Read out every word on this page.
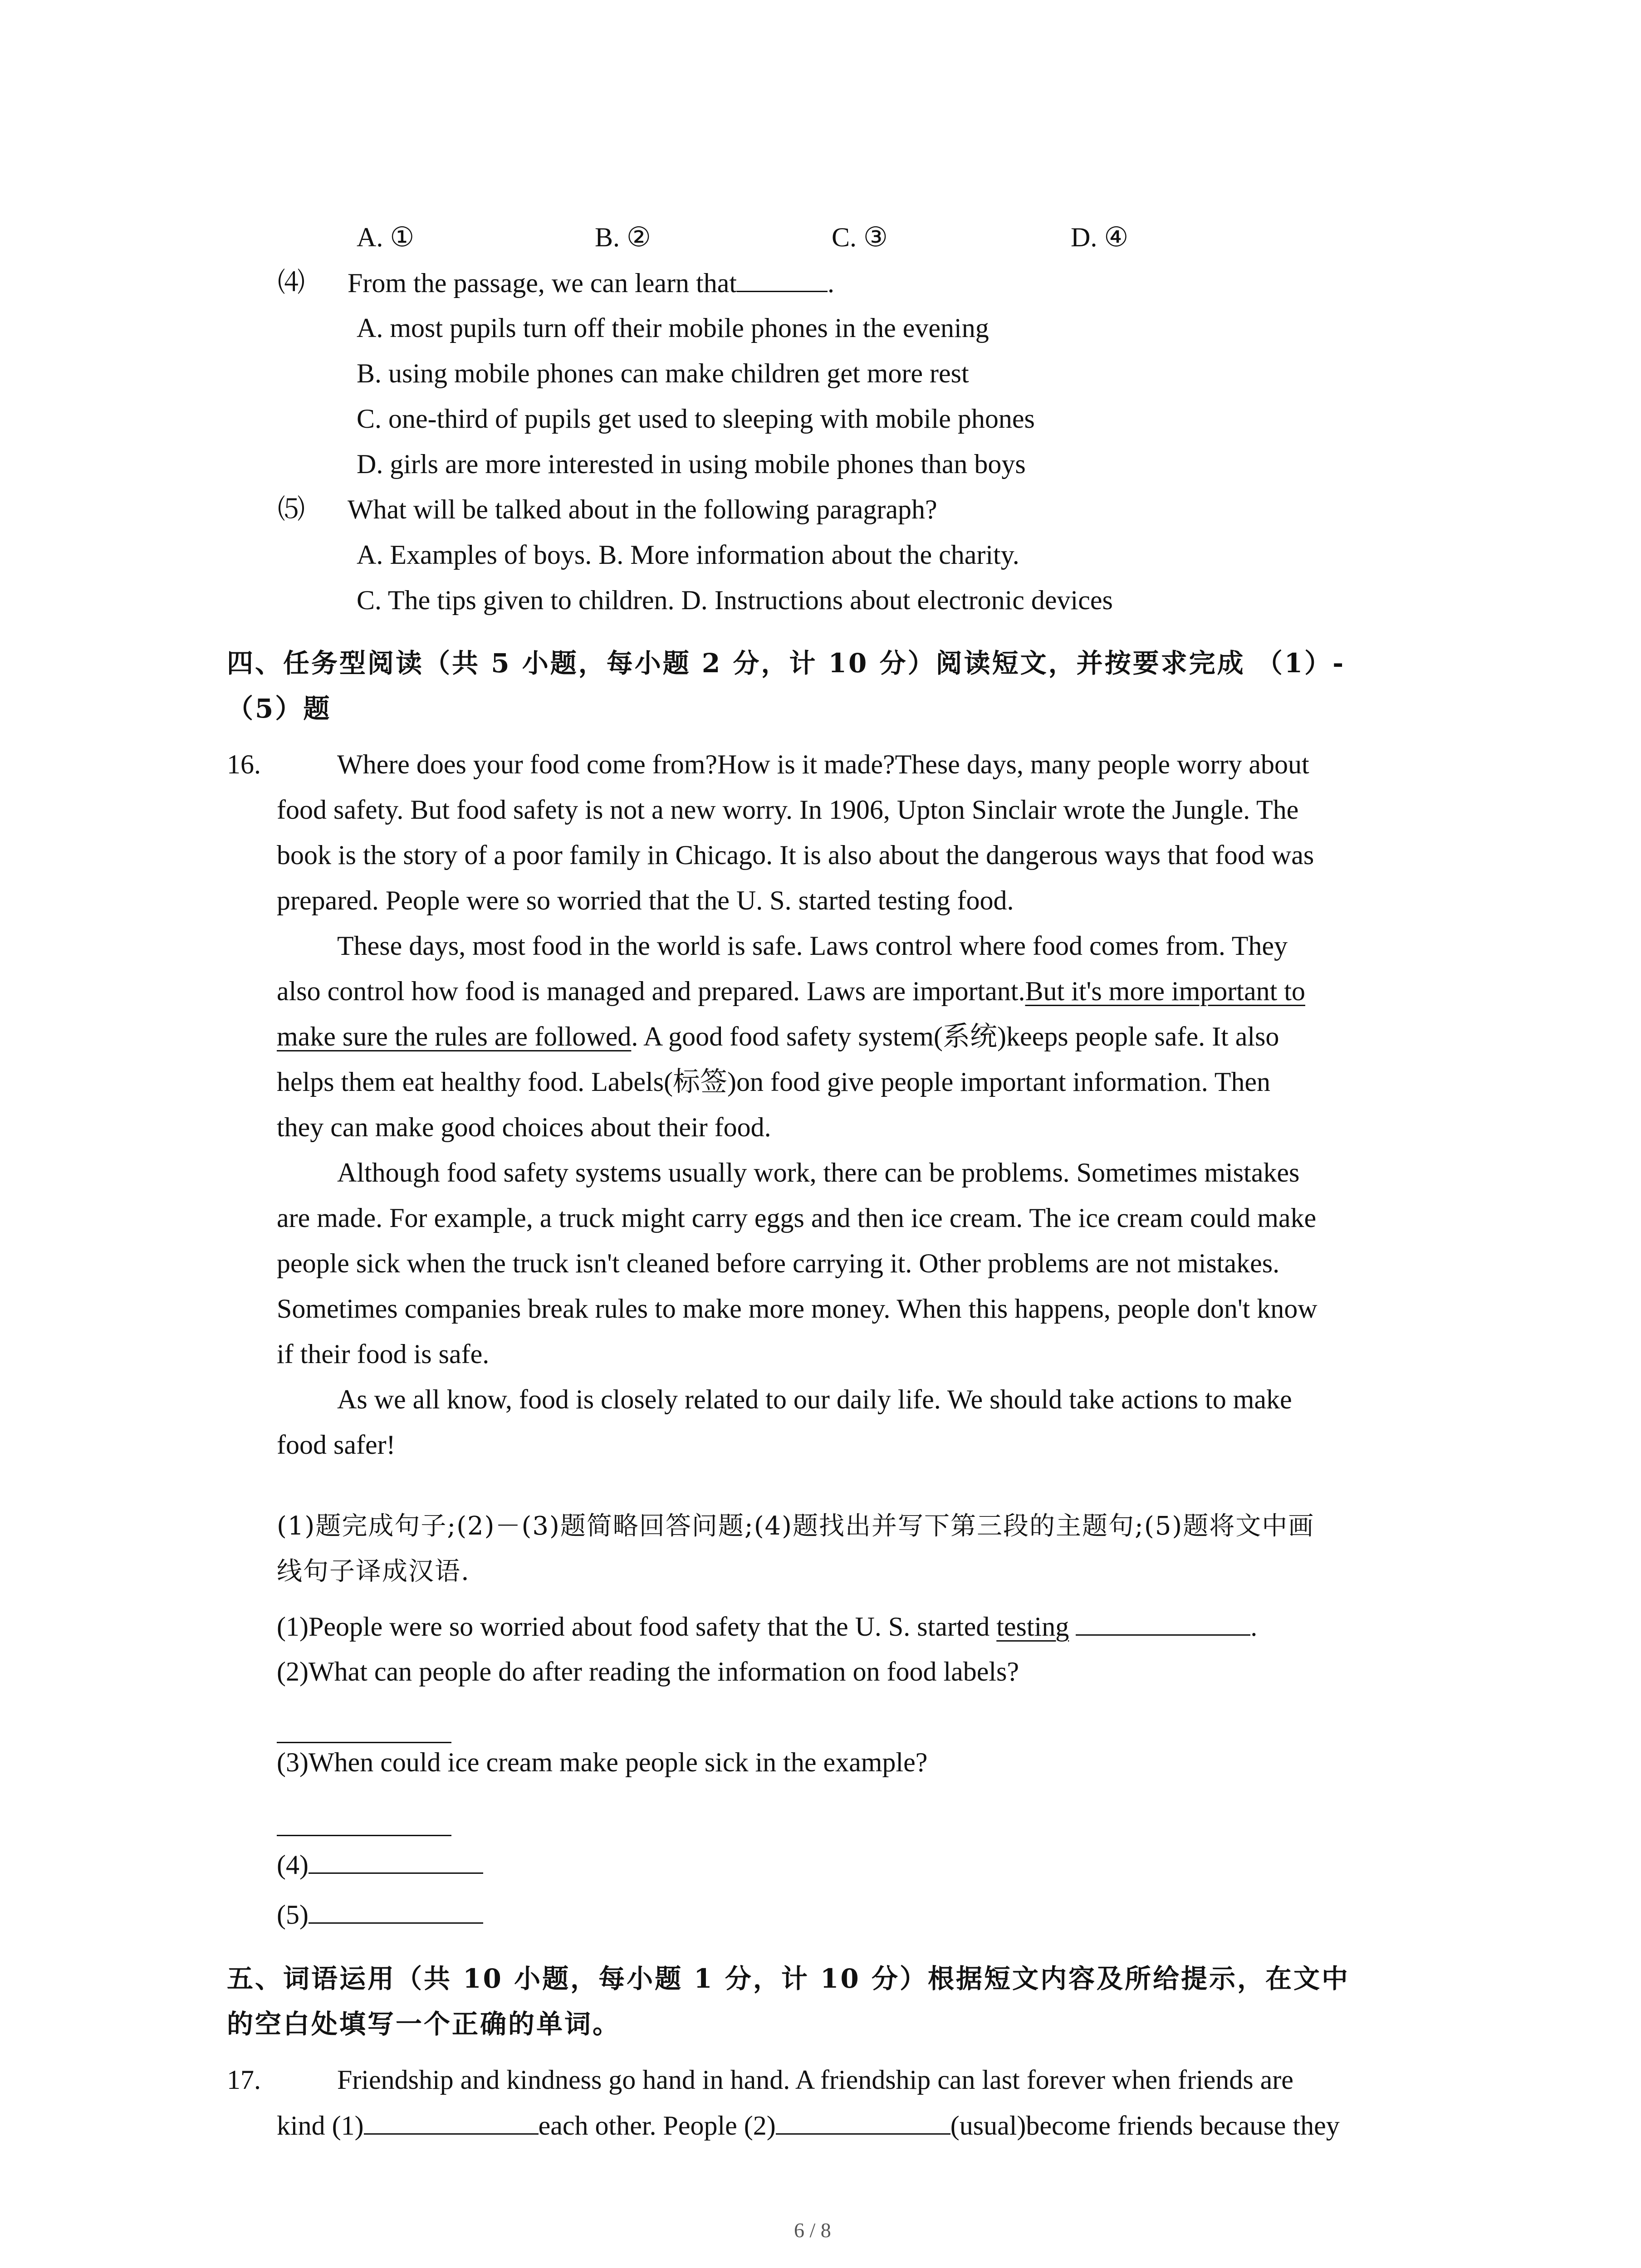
A. ①	B. ②	C. ③	D. ④
⑷ From the passage, we can learn that	.
A. most pupils turn off their mobile phones in the evening
B. using mobile phones can make children get more rest
C. one-third of pupils get used to sleeping with mobile phones
D. girls are more interested in using mobile phones than boys
⑸ What will be talked about in the following paragraph?
A. Examples of boys. B. More information about the charity.
C. The tips given to children. D. Instructions about electronic devices
四、任务型阅读（共 5 小题，每小题 2 分，计 10 分）阅读短文，并按要求完成 （1）-
（5）题
16.	Where does your food come from?How is it made?These days, many people worry about
food safety. But food safety is not a new worry. In 1906, Upton Sinclair wrote the Jungle. The
book is the story of a poor family in Chicago. It is also about the dangerous ways that food was
prepared. People were so worried that the U. S. started testing food.
These days, most food in the world is safe. Laws control where food comes from. They
also control how food is managed and prepared. Laws are important.But it's more important to
make sure the rules are followed. A good food safety system(系统)keeps people safe. It also
helps them eat healthy food. Labels(标签)on food give people important information. Then
they can make good choices about their food.
Although food safety systems usually work, there can be problems. Sometimes mistakes
are made. For example, a truck might carry eggs and then ice cream. The ice cream could make
people sick when the truck isn't cleaned before carrying it. Other problems are not mistakes.
Sometimes companies break rules to make more money. When this happens, people don't know
if their food is safe.
As we all know, food is closely related to our daily life. We should take actions to make
food safer!
(1)题完成句子;(2)－(3)题简略回答问题;(4)题找出并写下第三段的主题句;(5)题将文中画
线句子译成汉语.
(1)People were so worried about food safety that the U. S. started testing	.
(2)What can people do after reading the information on food labels?
(3)When could ice cream make people sick in the example?
(4)
(5)
五、词语运用（共 10 小题，每小题 1 分，计 10 分）根据短文内容及所给提示，在文中
的空白处填写一个正确的单词。
17.	Friendship and kindness go hand in hand. A friendship can last forever when friends are
kind (1)	each other. People (2)	(usual)become friends because they
6 / 8
